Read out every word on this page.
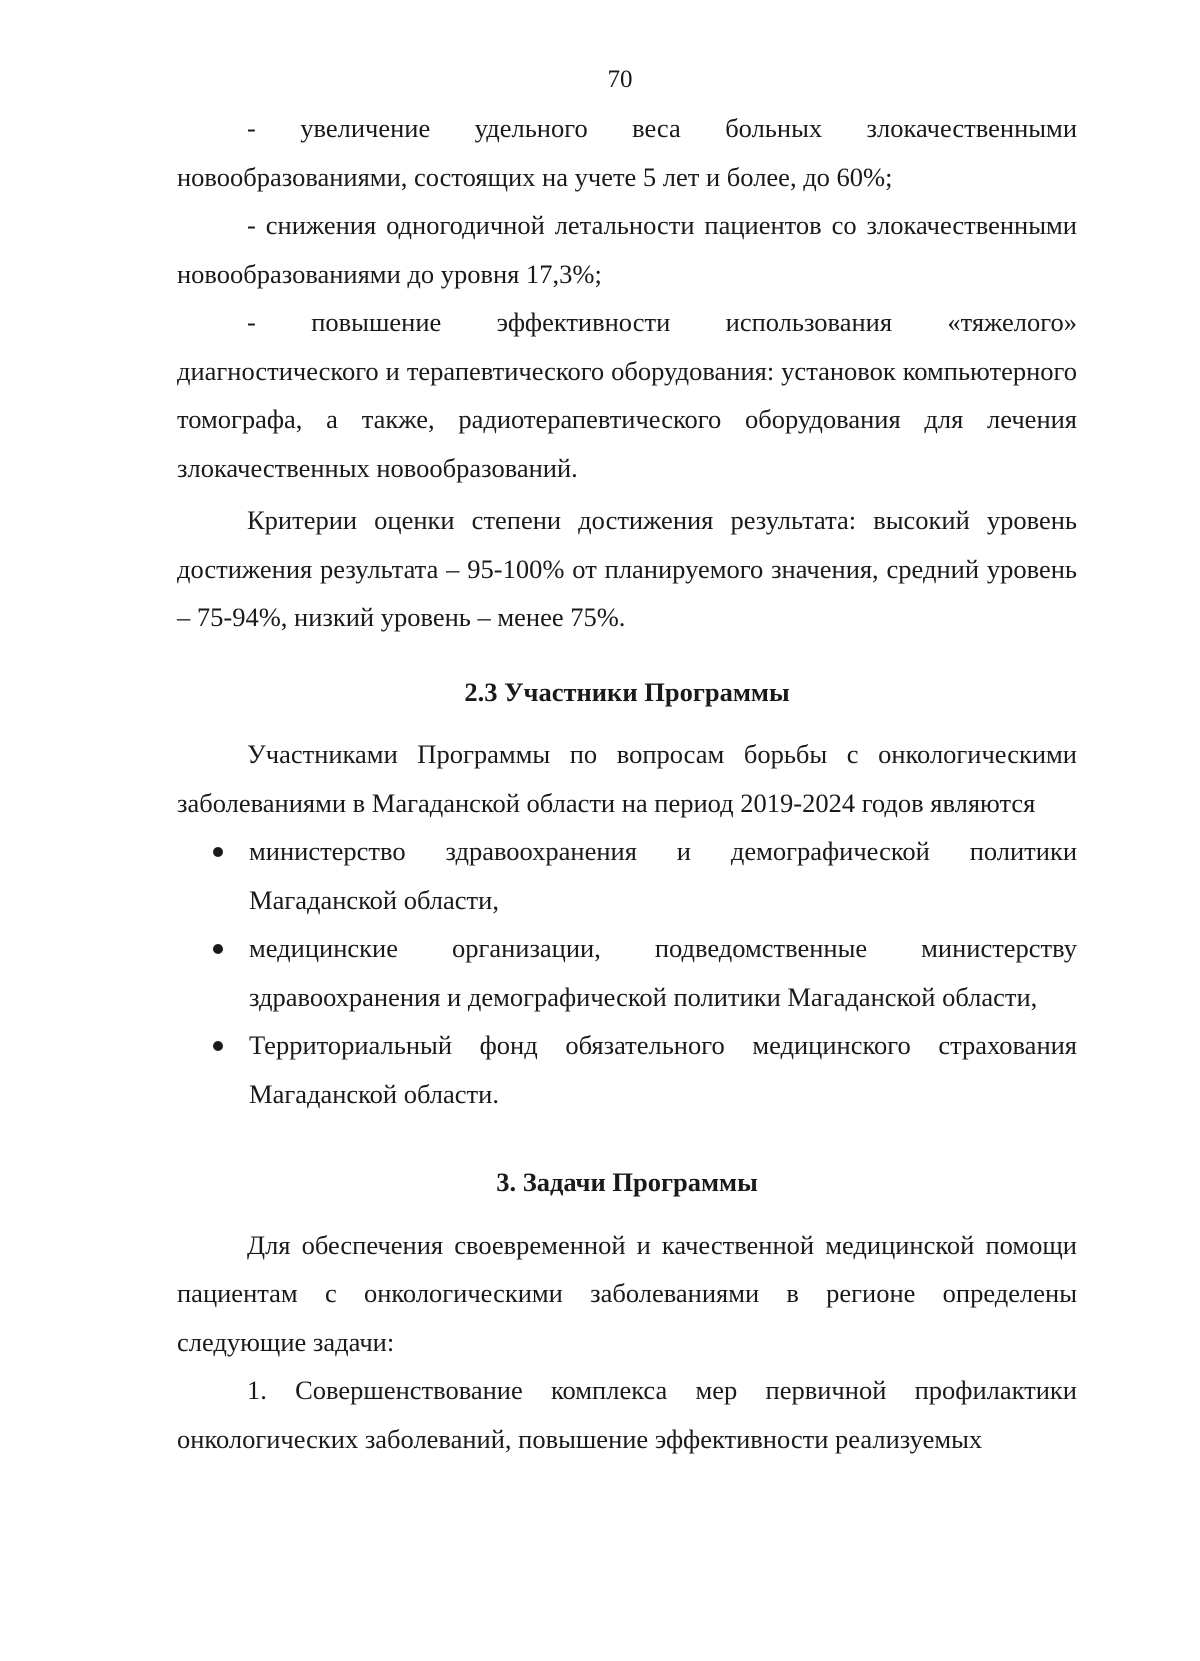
70

- увеличение удельного веса больных злокачественными новообразованиями, состоящих на учете 5 лет и более, до 60%;

- снижения одногодичной летальности пациентов со злокачественными новообразованиями до уровня 17,3%;

- повышение эффективности использования «тяжелого» диагностического и терапевтического оборудования: установок компьютерного томографа, а также, радиотерапевтического оборудования для лечения злокачественных новообразований.

Критерии оценки степени достижения результата: высокий уровень достижения результата – 95-100% от планируемого значения, средний уровень – 75-94%, низкий уровень – менее 75%.

2.3 Участники Программы

Участниками Программы по вопросам борьбы с онкологическими заболеваниями в Магаданской области на период 2019-2024 годов являются

министерство здравоохранения и демографической политики Магаданской области,
медицинские организации, подведомственные министерству здравоохранения и демографической политики Магаданской области,
Территориальный фонд обязательного медицинского страхования Магаданской области.
3. Задачи Программы

Для обеспечения своевременной и качественной медицинской помощи пациентам с онкологическими заболеваниями в регионе определены следующие задачи:

1. Совершенствование комплекса мер первичной профилактики онкологических заболеваний, повышение эффективности реализуемых
